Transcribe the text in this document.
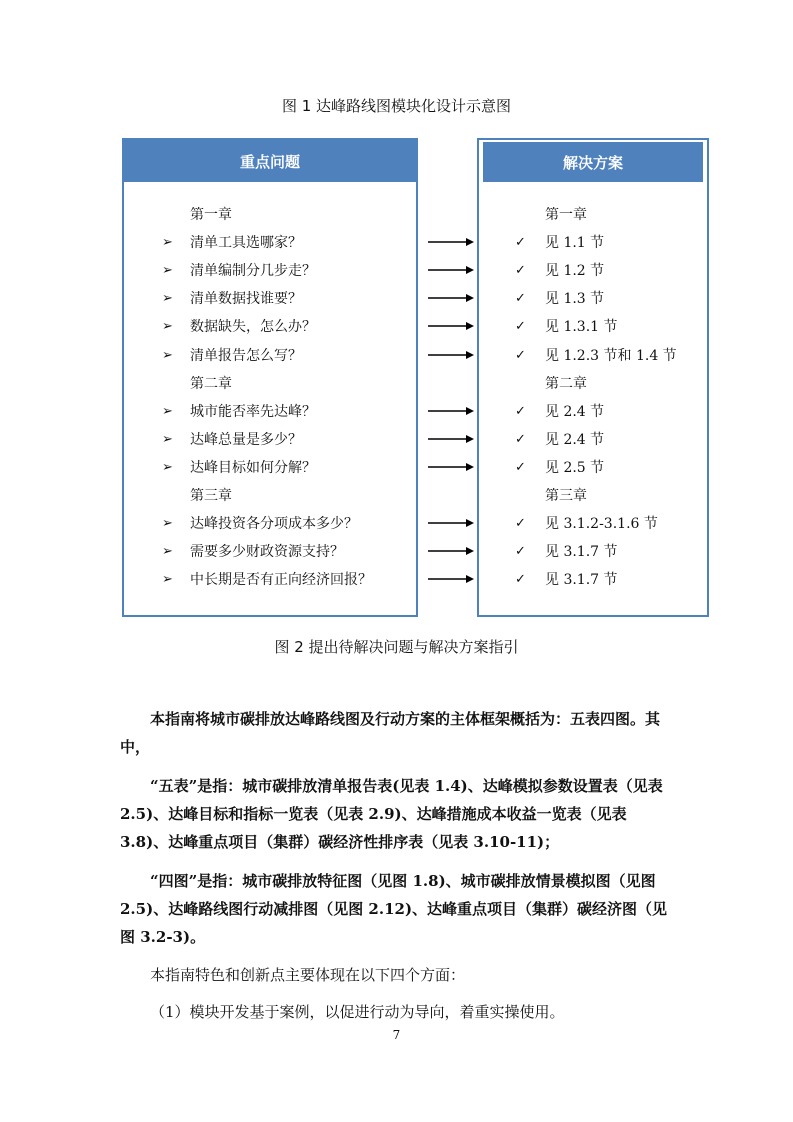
图 1 达峰路线图模块化设计示意图
重点问题
第一章
➢ 清单工具选哪家？
➢ 清单编制分几步走？
➢ 清单数据找谁要？
➢ 数据缺失，怎么办？
➢ 清单报告怎么写？
第二章
➢ 城市能否率先达峰？
➢ 达峰总量是多少？
➢ 达峰目标如何分解？
第三章
➢ 达峰投资各分项成本多少？
➢ 需要多少财政资源支持？
➢ 中长期是否有正向经济回报？
解决方案
第一章
✓ 见 1.1 节
✓ 见 1.2 节
✓ 见 1.3 节
✓ 见 1.3.1 节
✓ 见 1.2.3 节和 1.4 节
第二章
✓ 见 2.4 节
✓ 见 2.4 节
✓ 见 2.5 节
第三章
✓ 见 3.1.2-3.1.6 节
✓ 见 3.1.7 节
✓ 见 3.1.7 节
图 2 提出待解决问题与解决方案指引
本指南将城市碳排放达峰路线图及行动方案的主体框架概括为：五表四图。其中，
“五表”是指：城市碳排放清单报告表(见表 1.4)、达峰模拟参数设置表（见表 2.5)、达峰目标和指标一览表（见表 2.9)、达峰措施成本收益一览表（见表 3.8)、达峰重点项目（集群）碳经济性排序表（见表 3.10-11)；
“四图”是指：城市碳排放特征图（见图 1.8)、城市碳排放情景模拟图（见图 2.5)、达峰路线图行动减排图（见图 2.12)、达峰重点项目（集群）碳经济图（见图 3.2-3)。
本指南特色和创新点主要体现在以下四个方面：
（1）模块开发基于案例，以促进行动为导向，着重实操使用。
7
